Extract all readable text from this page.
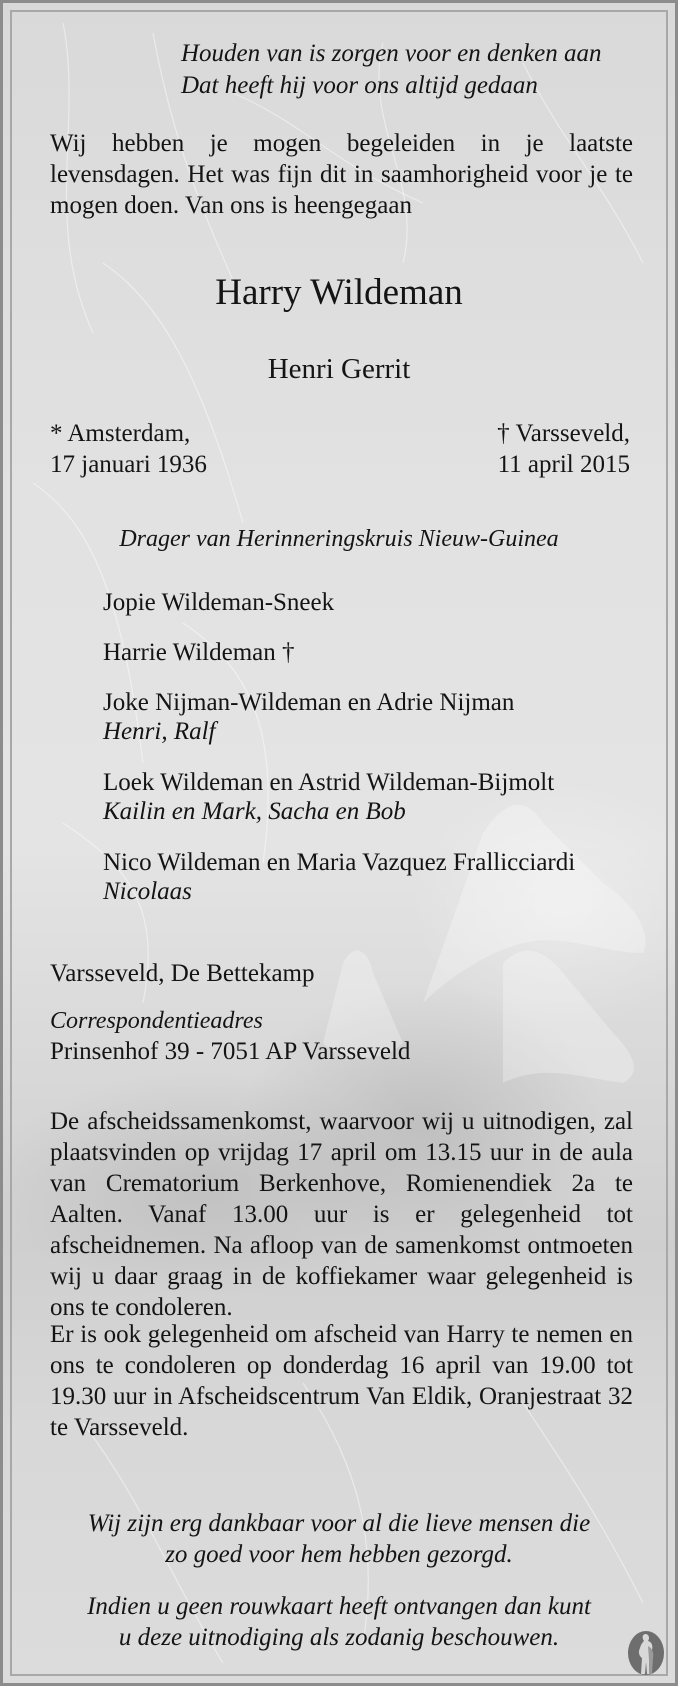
Houden van is zorgen voor en denken aan
Dat heeft hij voor ons altijd gedaan

Wij hebben je mogen begeleiden in je laatste levensdagen. Het was fijn dit in saamhorigheid voor je te mogen doen. Van ons is heengegaan

Harry Wildeman
Henri Gerrit
* Amsterdam,
17 januari 1936
† Varsseveld,
11 april 2015
Drager van Herinneringskruis Nieuw-Guinea
Jopie Wildeman-Sneek
Harrie Wildeman †
Joke Nijman-Wildeman en Adrie Nijman
Henri, Ralf
Loek Wildeman en Astrid Wildeman-Bijmolt
Kailin en Mark, Sacha en Bob
Nico Wildeman en Maria Vazquez Frallicciardi
Nicolaas
Varsseveld, De Bettekamp
Correspondentieadres
Prinsenhof 39 - 7051 AP Varsseveld

De afscheidssamenkomst, waarvoor wij u uitnodigen, zal plaatsvinden op vrijdag 17 april om 13.15 uur in de aula van Crematorium Berkenhove, Romienendiek 2a te Aalten. Vanaf 13.00 uur is er gelegenheid tot afscheidnemen. Na afloop van de samenkomst ontmoeten wij u daar graag in de koffiekamer waar gelegenheid is ons te condoleren.

Er is ook gelegenheid om afscheid van Harry te nemen en ons te condoleren op donderdag 16 april van 19.00 tot 19.30 uur in Afscheidscentrum Van Eldik, Oranjestraat 32 te Varsseveld.

Wij zijn erg dankbaar voor al die lieve mensen die
zo goed voor hem hebben gezorgd.
Indien u geen rouwkaart heeft ontvangen dan kunt
u deze uitnodiging als zodanig beschouwen.
